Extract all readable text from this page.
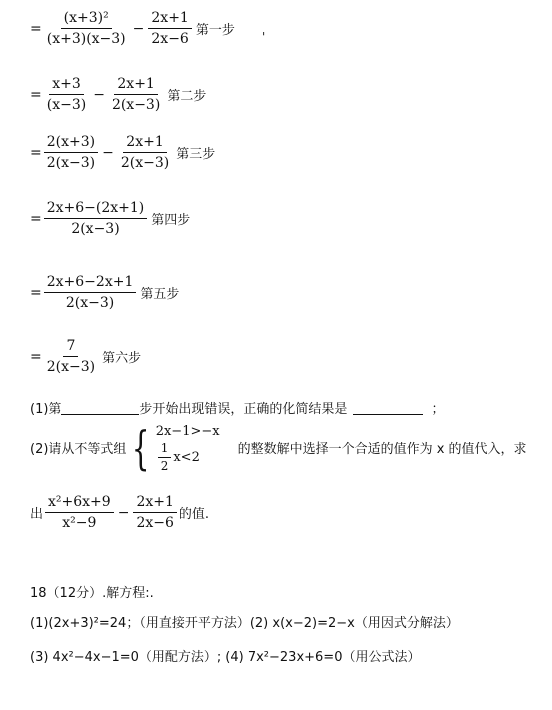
= $\frac{\text{(x+3)²}}{(x+3)(x-3)} - \frac{2x+1}{2x-6}$ 第一步 '
= $\frac{x+3}{(x-3)} - \frac{2x+1}{2(x-3)}$ 第二步
= $\frac{2(x+3)}{2(x-3)} - \frac{2x+1}{2(x-3)}$ 第三步
= $\frac{2x+6-(2x+1)}{2(x-3)}$ 第四步
= $\frac{2x+6-2x+1}{2(x-3)}$ 第五步
= $\frac{7}{2(x-3)}$ 第六步
(1)第	步开始出现错误，正确的化简结果是	；
(2)请从不等式组 { 2x−1>−x
$\frac{1}{2} x<2$	的整数解中选择一个合适的值作为 x 的值代入，求
出 $\frac{\text{x²+6x+9}}{\text{x²−9}} - \frac{2x+1}{2x-6}$ 的值.
18（12分）.解方程:.
(1)(2x+3)²=24；（用直接开平方法） (2) x(x−2)=2−x（用因式分解法）
(3) 4x²−4x−1=0（用配方法）; (4) 7x²−23x+6=0（用公式法）
